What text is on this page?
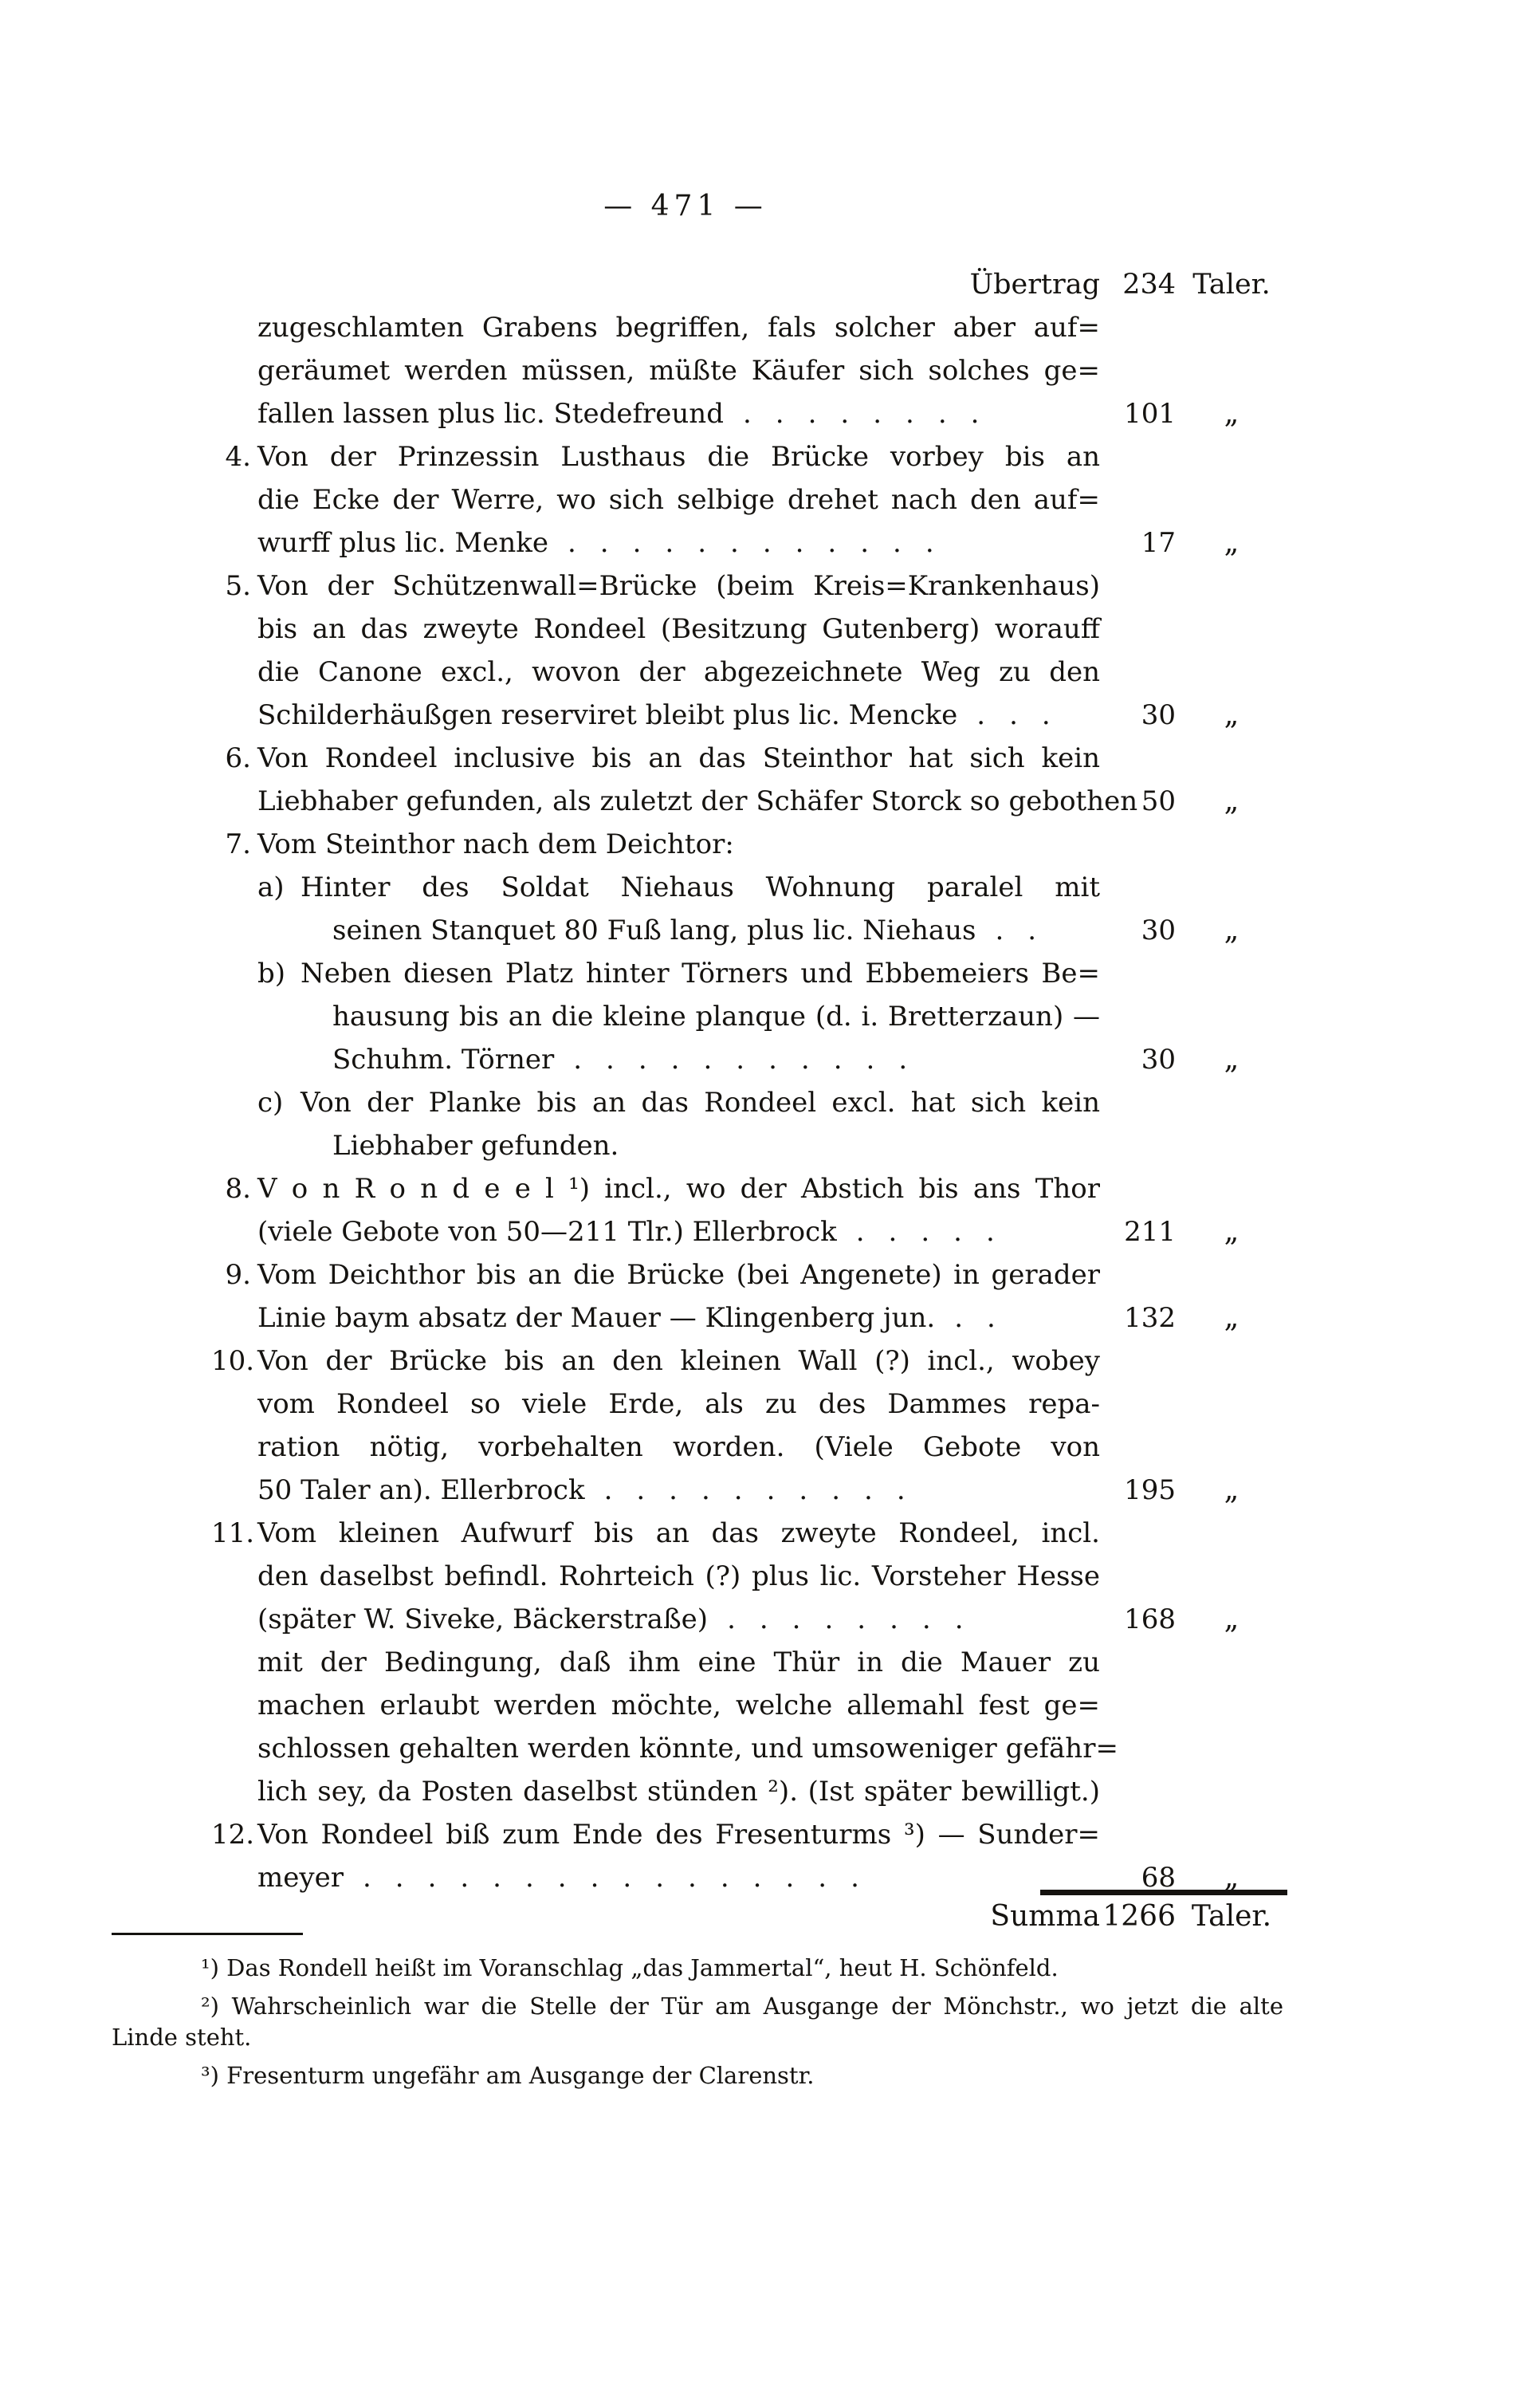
— 471 —
Übertrag 234 Taler.
zugeschlamten Grabens begriffen, fals solcher aber auf=
geräumet werden müssen, müßte Käufer sich solches ge=
fallen lassen plus lic. Stedefreund ........	101	„
4. Von der Prinzessin Lusthaus die Brücke vorbey bis an
die Ecke der Werre, wo sich selbige drehet nach den auf=
wurff plus lic. Menke ............	17	„
5. Von der Schützenwall=Brücke (beim Kreis=Krankenhaus)
bis an das zweyte Rondeel (Besitzung Gutenberg) worauff
die Canone excl., wovon der abgezeichnete Weg zu den
Schilderhäußgen reserviret bleibt plus lic. Mencke ...	30	„
6. Von Rondeel inclusive bis an das Steinthor hat sich kein
Liebhaber gefunden, als zuletzt der Schäfer Storck so gebothen 50	„
7. Vom Steinthor nach dem Deichtor:
a) Hinter des Soldat Niehaus Wohnung paralel mit
seinen Stanquet 80 Fuß lang, plus lic. Niehaus ..	30	„
b) Neben diesen Platz hinter Törners und Ebbemeiers Be=
hausung bis an die kleine planque (d. i. Bretterzaun) —
Schuhm. Törner ...........	30	„
c) Von der Planke bis an das Rondeel excl. hat sich kein
Liebhaber gefunden.
8. V o n R o n d e e l ¹) incl., wo der Abstich bis ans Thor
(viele Gebote von 50—211 Tlr.) Ellerbrock .....	211	„
9. Vom Deichthor bis an die Brücke (bei Angenete) in gerader
Linie baym absatz der Mauer — Klingenberg jun. ..	132	„
10. Von der Brücke bis an den kleinen Wall (?) incl., wobey
vom Rondeel so viele Erde, als zu des Dammes repa-
ration nötig, vorbehalten worden. (Viele Gebote von
50 Taler an). Ellerbrock ..........	195	„
11. Vom kleinen Aufwurf bis an das zweyte Rondeel, incl.
den daselbst befindl. Rohrteich (?) plus lic. Vorsteher Hesse
(später W. Siveke, Bäckerstraße) ........	168	„
mit der Bedingung, daß ihm eine Thür in die Mauer zu
machen erlaubt werden möchte, welche allemahl fest ge=
schlossen gehalten werden könnte, und umsoweniger gefähr=
lich sey, da Posten daselbst stünden ²). (Ist später bewilligt.)
12. Von Rondeel biß zum Ende des Fresenturms ³) — Sunder=
meyer ................	68	„
Summa 1266 Taler.

¹) Das Rondell heißt im Voranschlag „das Jammertal“, heut H. Schönfeld.

²) Wahrscheinlich war die Stelle der Tür am Ausgange der Mönchstr., wo jetzt die alte Linde steht.

³) Fresenturm ungefähr am Ausgange der Clarenstr.
